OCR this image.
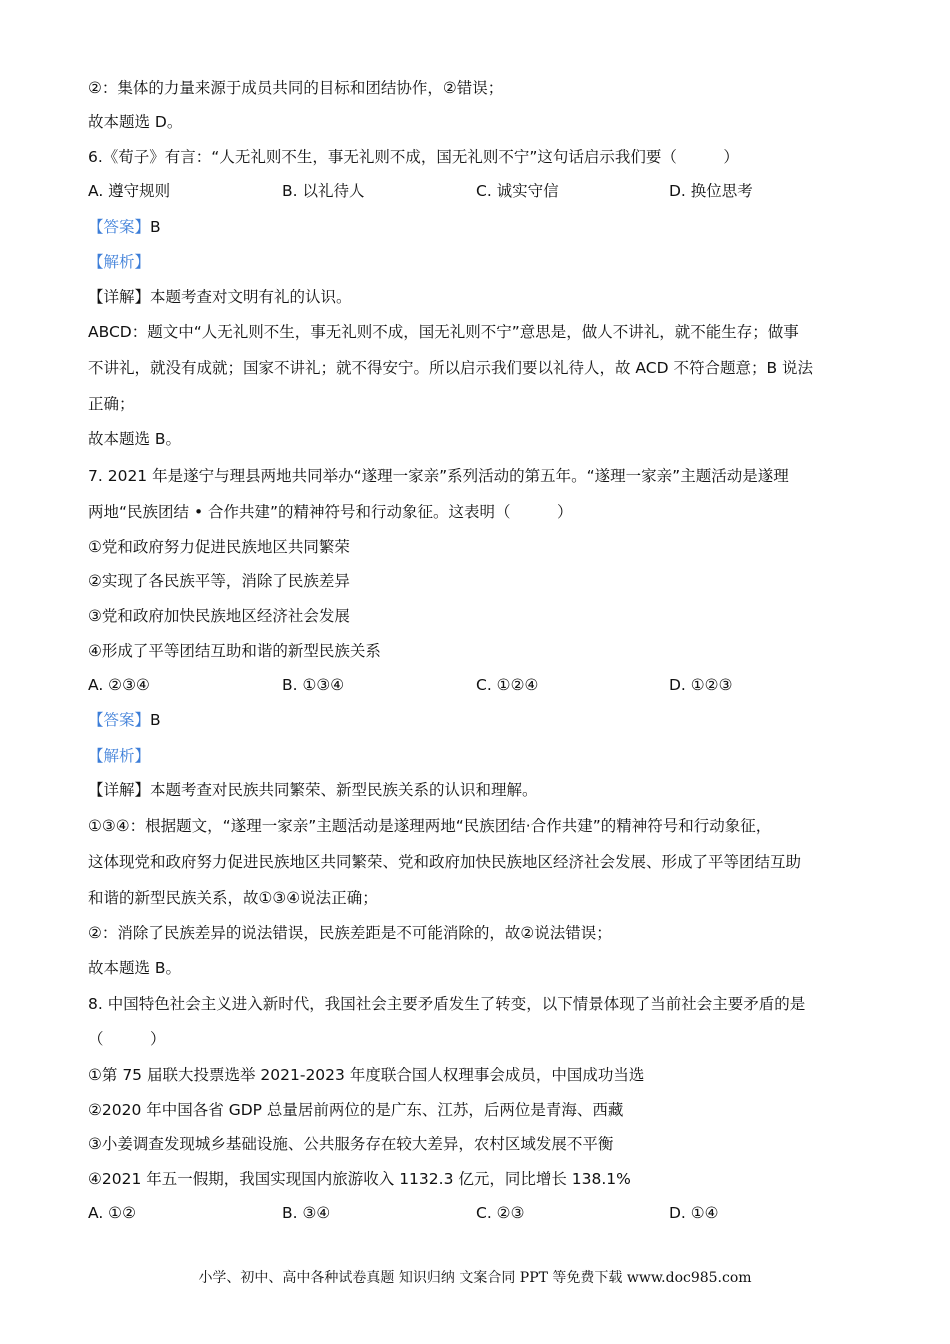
②：集体的力量来源于成员共同的目标和团结协作，②错误；
故本题选 D。
6.《荀子》有言：“人无礼则不生，事无礼则不成，国无礼则不宁”这句话启示我们要（　　　）
A. 遵守规则	B. 以礼待人	C. 诚实守信	D. 换位思考
【答案】B
【解析】
【详解】本题考查对文明有礼的认识。
ABCD：题文中“人无礼则不生，事无礼则不成，国无礼则不宁”意思是，做人不讲礼，就不能生存；做事
不讲礼，就没有成就；国家不讲礼；就不得安宁。所以启示我们要以礼待人，故 ACD 不符合题意；B 说法
正确；
故本题选 B。
7. 2021 年是遂宁与理县两地共同举办“遂理一家亲”系列活动的第五年。“遂理一家亲”主题活动是遂理
两地“民族团结 • 合作共建”的精神符号和行动象征。这表明（　　　）
①党和政府努力促进民族地区共同繁荣
②实现了各民族平等，消除了民族差异
③党和政府加快民族地区经济社会发展
④形成了平等团结互助和谐的新型民族关系
A. ②③④	B. ①③④	C. ①②④	D. ①②③
【答案】B
【解析】
【详解】本题考查对民族共同繁荣、新型民族关系的认识和理解。
①③④：根据题文，“遂理一家亲”主题活动是遂理两地“民族团结·合作共建”的精神符号和行动象征，
这体现党和政府努力促进民族地区共同繁荣、党和政府加快民族地区经济社会发展、形成了平等团结互助
和谐的新型民族关系，故①③④说法正确；
②：消除了民族差异的说法错误，民族差距是不可能消除的，故②说法错误；
故本题选 B。
8. 中国特色社会主义进入新时代，我国社会主要矛盾发生了转变，以下情景体现了当前社会主要矛盾的是
（　　　）
①第 75 届联大投票选举 2021-2023 年度联合国人权理事会成员，中国成功当选
②2020 年中国各省 GDP 总量居前两位的是广东、江苏，后两位是青海、西藏
③小姜调查发现城乡基础设施、公共服务存在较大差异，农村区域发展不平衡
④2021 年五一假期，我国实现国内旅游收入 1132.3 亿元，同比增长 138.1%
A. ①②	B. ③④	C. ②③	D. ①④
小学、初中、高中各种试卷真题 知识归纳 文案合同 PPT 等免费下载 www.doc985.com
